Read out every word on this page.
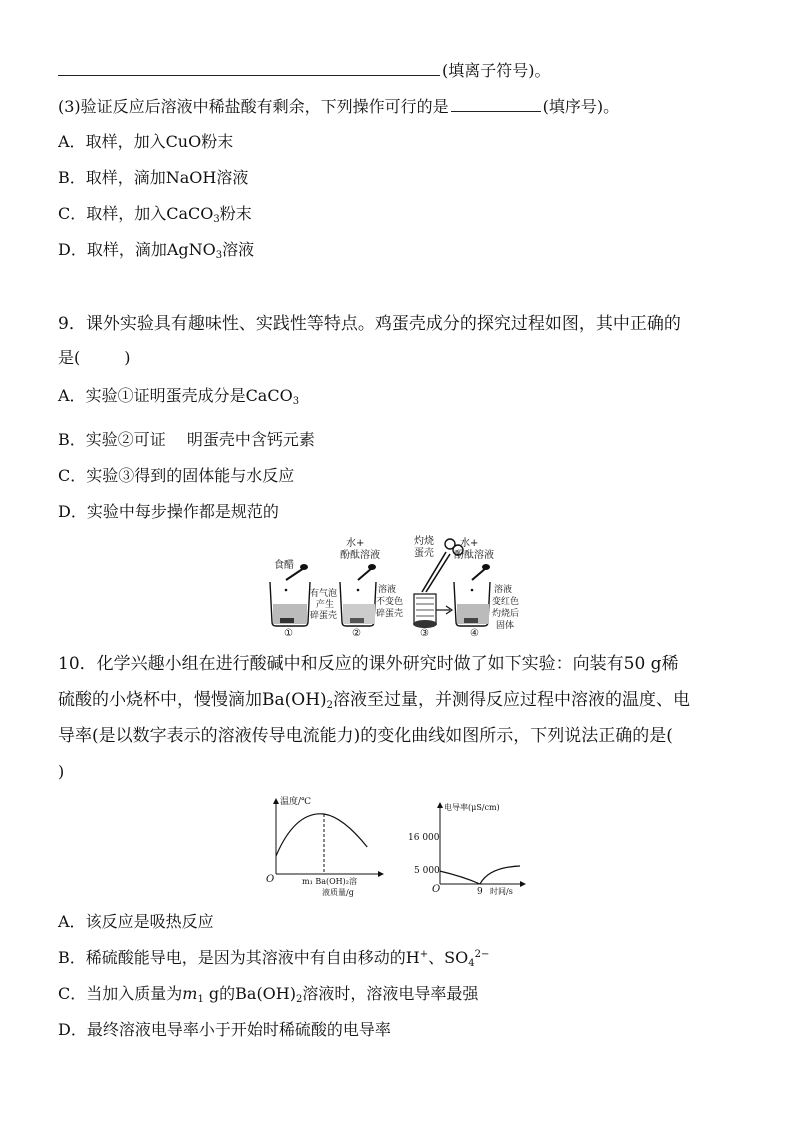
(填离子符号)。
(3)验证反应后溶液中稀盐酸有剩余，下列操作可行的是	(填序号)。
A．取样，加入CuO粉末
B．取样，滴加NaOH溶液
C．取样，加入CaCO$_3$粉末
D．取样，滴加AgNO$_3$溶液
9．课外实验具有趣味性、实践性等特点。鸡蛋壳成分的探究过程如图，其中正确的
是(	)
A．实验①证明蛋壳成分是CaCO$_3$
B．实验②可证　 明蛋壳中含钙元素
C．实验③得到的固体能与水反应
D．实验中每步操作都是规范的
食醋
有气泡
产生
碎蛋壳
①
水+
酚酞溶液
溶液
不变色
碎蛋壳
②
灼烧
蛋壳
③
水+
酚酞溶液
溶液
变红色
灼烧后
固体
④
10．化学兴趣小组在进行酸碱中和反应的课外研究时做了如下实验：向装有50 g稀
硫酸的小烧杯中，慢慢滴加$Ba(OH)_2$溶液至过量，并测得反应过程中溶液的温度、电
导率(是以数字表示的溶液传导电流能力)的变化曲线如图所示，下列说法正确的是(
)
温度/℃
O	m₁ Ba(OH)₂溶
液质量/g
电导率(μS/cm)
16 000
5 000
O	9 时间/s
A．该反应是吸热反应
B．稀硫酸能导电，是因为其溶液中有自由移动的H+、$SO_4^{2-}$
C．当加入质量为$m_1$ g的$Ba(OH)_2$溶液时，溶液电导率最强
D．最终溶液电导率小于开始时稀硫酸的电导率
